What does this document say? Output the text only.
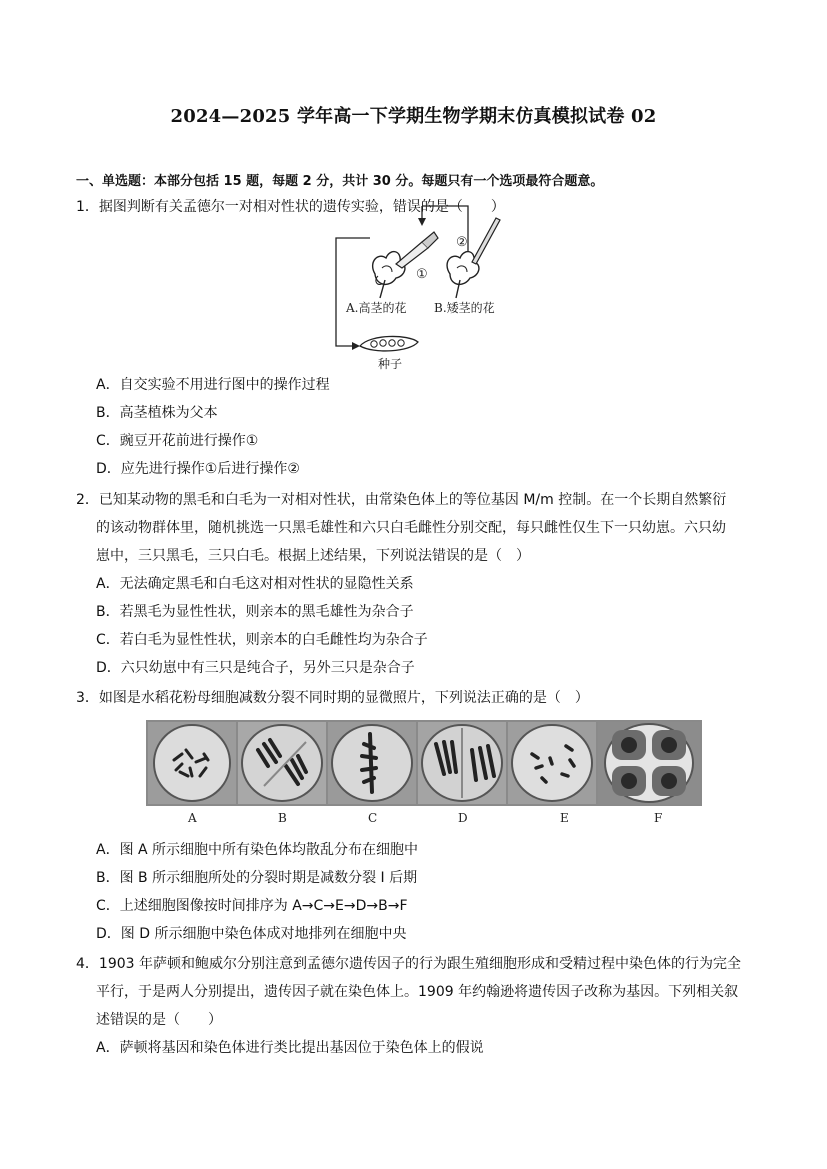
2024—2025 学年高一下学期生物学期末仿真模拟试卷 02
一、单选题：本部分包括 15 题，每题 2 分，共计 30 分。每题只有一个选项最符合题意。
1．据图判断有关孟德尔一对相对性状的遗传实验，错误的是（　　）
①
②
A.高茎的花 B.矮茎的花
种子
A．自交实验不用进行图中的操作过程
B．高茎植株为父本
C．豌豆开花前进行操作①
D．应先进行操作①后进行操作②
2．已知某动物的黑毛和白毛为一对相对性状，由常染色体上的等位基因 M/m 控制。在一个长期自然繁衍
的该动物群体里，随机挑选一只黑毛雄性和六只白毛雌性分别交配，每只雌性仅生下一只幼崽。六只幼
崽中，三只黑毛，三只白毛。根据上述结果，下列说法错误的是（　）
A．无法确定黑毛和白毛这对相对性状的显隐性关系
B．若黑毛为显性性状，则亲本的黑毛雄性为杂合子
C．若白毛为显性性状，则亲本的白毛雌性均为杂合子
D．六只幼崽中有三只是纯合子，另外三只是杂合子
3．如图是水稻花粉母细胞减数分裂不同时期的显微照片，下列说法正确的是（　）
A	B	C	D	E	F
A．图 A 所示细胞中所有染色体均散乱分布在细胞中
B．图 B 所示细胞所处的分裂时期是减数分裂 I 后期
C．上述细胞图像按时间排序为 A→C→E→D→B→F
D．图 D 所示细胞中染色体成对地排列在细胞中央
4．1903 年萨顿和鲍威尔分别注意到孟德尔遗传因子的行为跟生殖细胞形成和受精过程中染色体的行为完全
平行，于是两人分别提出，遗传因子就在染色体上。1909 年约翰逊将遗传因子改称为基因。下列相关叙
述错误的是（　　）
A．萨顿将基因和染色体进行类比提出基因位于染色体上的假说
